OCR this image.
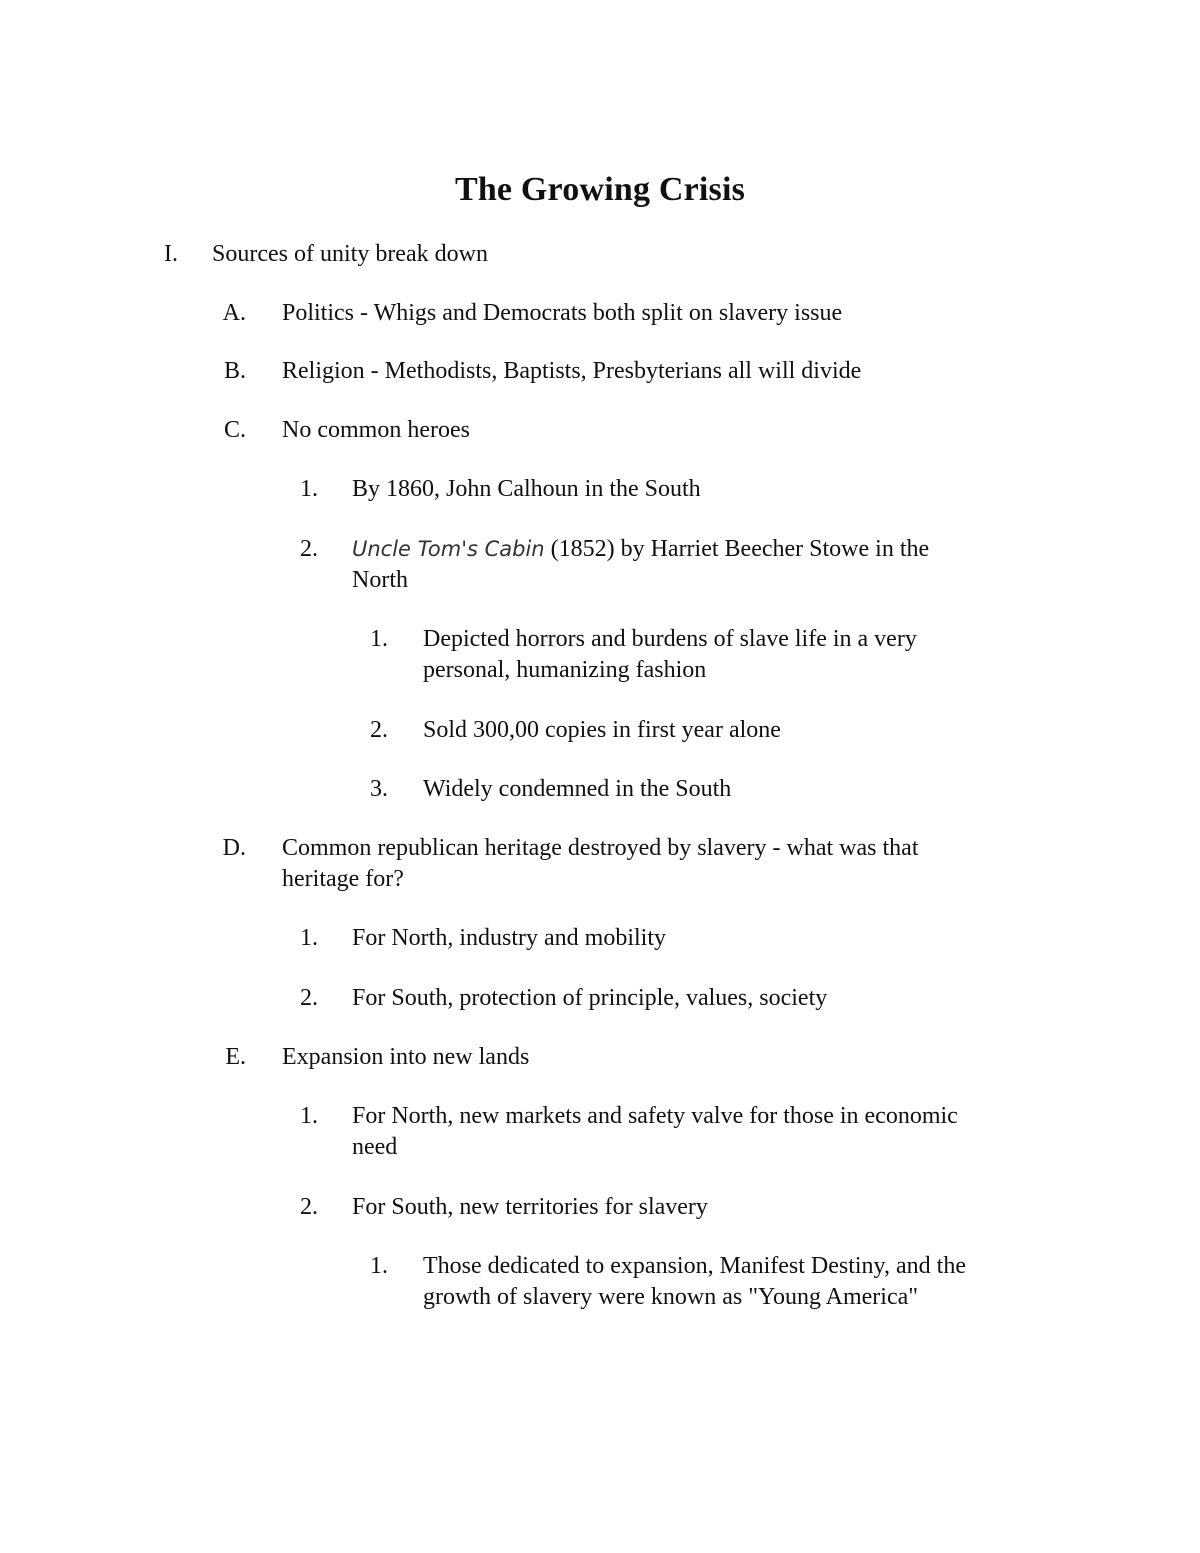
The Growing Crisis
I. Sources of unity break down
A. Politics - Whigs and Democrats both split on slavery issue
B. Religion - Methodists, Baptists, Presbyterians all will divide
C. No common heroes
1. By 1860, John Calhoun in the South
2. Uncle Tom's Cabin (1852) by Harriet Beecher Stowe in the
North
1. Depicted horrors and burdens of slave life in a very
personal, humanizing fashion
2. Sold 300,00 copies in first year alone
3. Widely condemned in the South
D. Common republican heritage destroyed by slavery - what was that
heritage for?
1. For North, industry and mobility
2. For South, protection of principle, values, society
E. Expansion into new lands
1. For North, new markets and safety valve for those in economic
need
2. For South, new territories for slavery
1. Those dedicated to expansion, Manifest Destiny, and the
growth of slavery were known as "Young America"
